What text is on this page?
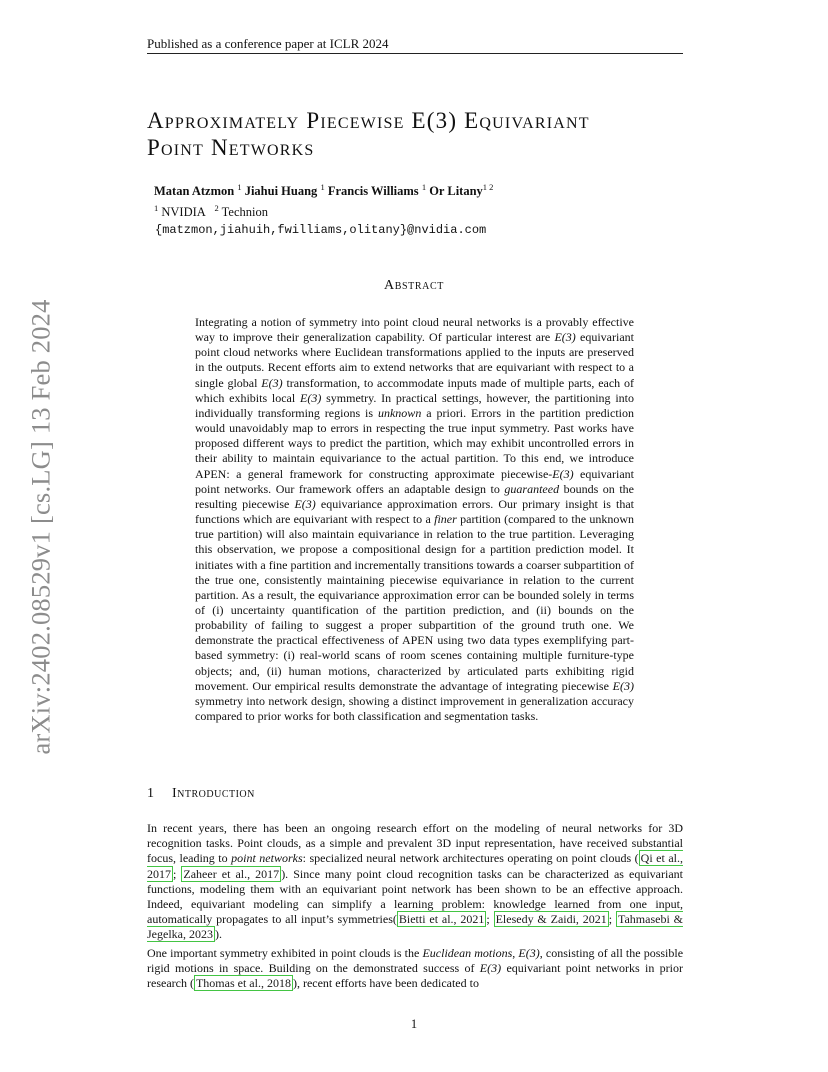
Published as a conference paper at ICLR 2024
arXiv:2402.08529v1 [cs.LG] 13 Feb 2024
Approximately Piecewise E(3) Equivariant
Point Networks
Matan Atzmon $^1$ Jiahui Huang $^1$ Francis Williams $^1$ Or Litany$^{1 2}$
$^1$ NVIDIA $^2$ Technion
{matzmon,jiahuih,fwilliams,olitany}@nvidia.com
Abstract
Integrating a notion of symmetry into point cloud neural networks is a provably effective way to improve their generalization capability. Of particular interest are E(3) equivariant point cloud networks where Euclidean transformations applied to the inputs are preserved in the outputs. Recent efforts aim to extend networks that are equivariant with respect to a single global E(3) transformation, to accommodate inputs made of multiple parts, each of which exhibits local E(3) symmetry. In practical settings, however, the partitioning into individually transforming regions is unknown a priori. Errors in the partition prediction would unavoidably map to errors in respecting the true input symmetry. Past works have proposed different ways to predict the partition, which may exhibit uncontrolled errors in their ability to maintain equivariance to the actual partition. To this end, we introduce APEN: a general framework for constructing approximate piecewise-E(3) equivariant point networks. Our framework offers an adaptable design to guaranteed bounds on the resulting piecewise E(3) equivariance approximation errors. Our primary insight is that functions which are equivariant with respect to a finer partition (compared to the unknown true partition) will also maintain equivariance in relation to the true partition. Leveraging this observation, we propose a compositional design for a partition prediction model. It initiates with a fine partition and incrementally transitions towards a coarser subpartition of the true one, consistently maintaining piecewise equivariance in relation to the current partition. As a result, the equivariance approximation error can be bounded solely in terms of (i) uncertainty quantification of the partition prediction, and (ii) bounds on the probability of failing to suggest a proper subpartition of the ground truth one. We demonstrate the practical effectiveness of APEN using two data types exemplifying part-based symmetry: (i) real-world scans of room scenes containing multiple furniture-type objects; and, (ii) human motions, characterized by articulated parts exhibiting rigid movement. Our empirical results demonstrate the advantage of integrating piecewise E(3) symmetry into network design, showing a distinct improvement in generalization accuracy compared to prior works for both classification and segmentation tasks.
1 Introduction
In recent years, there has been an ongoing research effort on the modeling of neural networks for 3D recognition tasks. Point clouds, as a simple and prevalent 3D input representation, have received substantial focus, leading to point networks: specialized neural network architectures operating on point clouds ( Qi et al., 2017 ; Zaheer et al., 2017 ). Since many point cloud recognition tasks can be characterized as equivariant functions, modeling them with an equivariant point network has been shown to be an effective approach. Indeed, equivariant modeling can simplify a learning problem: knowledge learned from one input, automatically propagates to all input’s symmetries( Bietti et al., 2021 ; Elesedy & Zaidi, 2021 ; Tahmasebi & Jegelka, 2023 ).
One important symmetry exhibited in point clouds is the Euclidean motions, E(3), consisting of all the possible rigid motions in space. Building on the demonstrated success of E(3) equivariant point networks in prior research ( Thomas et al., 2018 ), recent efforts have been dedicated to
1
